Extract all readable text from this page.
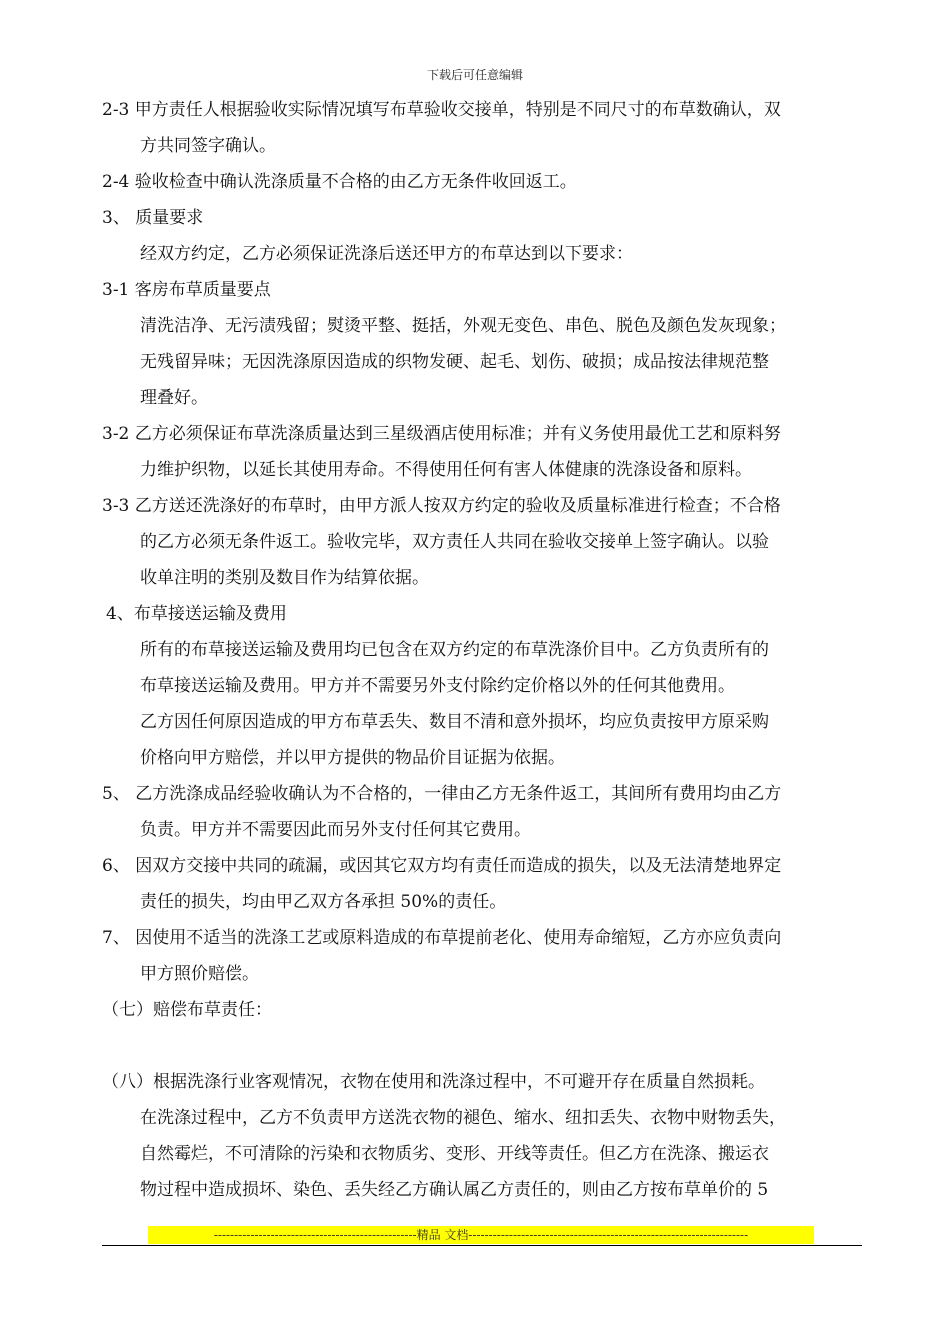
下载后可任意编辑
2-3 甲方责任人根据验收实际情况填写布草验收交接单，特别是不同尺寸的布草数确认，双
方共同签字确认。
2-4 验收检查中确认洗涤质量不合格的由乙方无条件收回返工。
3、 质量要求
经双方约定，乙方必须保证洗涤后送还甲方的布草达到以下要求：
3-1 客房布草质量要点
清洗洁净、无污渍残留；熨烫平整、挺括，外观无变色、串色、脱色及颜色发灰现象；
无残留异味；无因洗涤原因造成的织物发硬、起毛、划伤、破损；成品按法律规范整
理叠好。
3-2 乙方必须保证布草洗涤质量达到三星级酒店使用标准；并有义务使用最优工艺和原料努
力维护织物，以延长其使用寿命。不得使用任何有害人体健康的洗涤设备和原料。
3-3 乙方送还洗涤好的布草时，由甲方派人按双方约定的验收及质量标准进行检查；不合格
的乙方必须无条件返工。验收完毕，双方责任人共同在验收交接单上签字确认。以验
收单注明的类别及数目作为结算依据。
4、布草接送运输及费用
所有的布草接送运输及费用均已包含在双方约定的布草洗涤价目中。乙方负责所有的
布草接送运输及费用。甲方并不需要另外支付除约定价格以外的任何其他费用。
乙方因任何原因造成的甲方布草丢失、数目不清和意外损坏，均应负责按甲方原采购
价格向甲方赔偿，并以甲方提供的物品价目证据为依据。
5、 乙方洗涤成品经验收确认为不合格的，一律由乙方无条件返工，其间所有费用均由乙方
负责。甲方并不需要因此而另外支付任何其它费用。
6、 因双方交接中共同的疏漏，或因其它双方均有责任而造成的损失，以及无法清楚地界定
责任的损失，均由甲乙双方各承担 50%的责任。
7、 因使用不适当的洗涤工艺或原料造成的布草提前老化、使用寿命缩短，乙方亦应负责向
甲方照价赔偿。
（七）赔偿布草责任：
（八）根据洗涤行业客观情况，衣物在使用和洗涤过程中，不可避开存在质量自然损耗。
在洗涤过程中，乙方不负责甲方送洗衣物的褪色、缩水、纽扣丢失、衣物中财物丢失，
自然霉烂，不可清除的污染和衣物质劣、变形、开线等责任。但乙方在洗涤、搬运衣
物过程中造成损坏、染色、丢失经乙方确认属乙方责任的，则由乙方按布草单价的 5
--------------------------------------------------精品 文档---------------------------------------------------------------------
